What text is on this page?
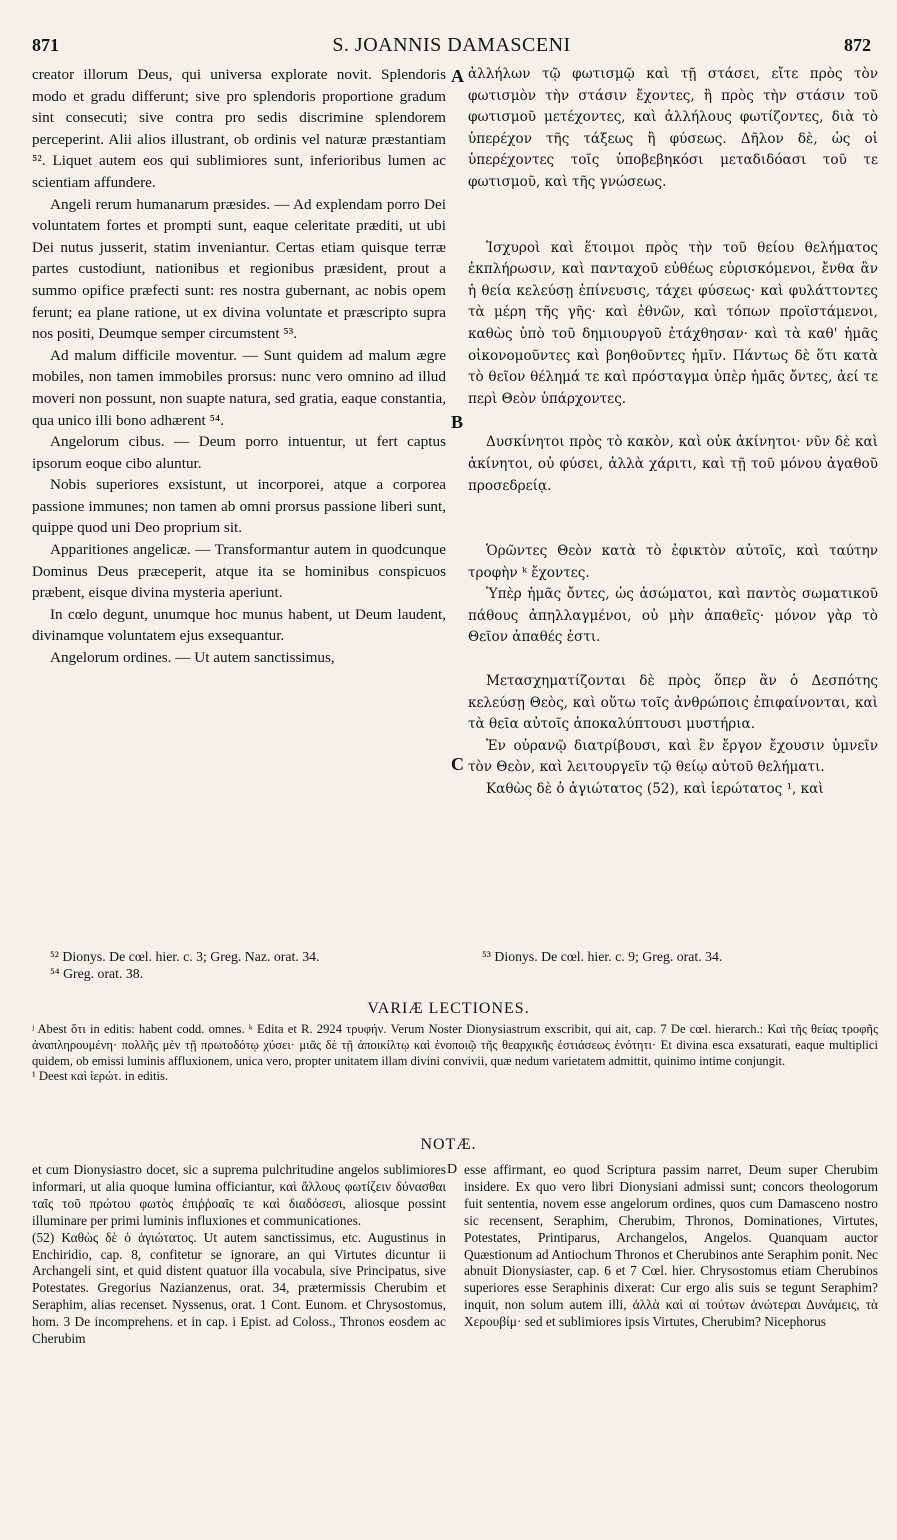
871	S. JOANNIS DAMASCENI	872

creator illorum Deus, qui universa explorate novit. Splendoris modo et gradu differunt; sive pro splendoris proportione gradum sint consecuti; sive contra pro sedis discrimine splendorem perceperint. Alii alios illustrant, ob ordinis vel naturæ præstantiam ⁵². Liquet autem eos qui sublimiores sunt, inferioribus lumen ac scientiam affundere.

Angeli rerum humanarum præsides. — Ad explendam porro Dei voluntatem fortes et prompti sunt, eaque celeritate præditi, ut ubi Dei nutus jusserit, statim inveniantur. Certas etiam quisque terræ partes custodiunt, nationibus et regionibus præsident, prout a summo opifice præfecti sunt: res nostra gubernant, ac nobis opem ferunt; ea plane ratione, ut ex divina voluntate et præscripto supra nos positi, Deumque semper circumstent ⁵³.

Ad malum difficile moventur. — Sunt quidem ad malum ægre mobiles, non tamen immobiles prorsus: nunc vero omnino ad illud moveri non possunt, non suapte natura, sed gratia, eaque constantia, qua unico illi bono adhærent ⁵⁴.

Angelorum cibus. — Deum porro intuentur, ut fert captus ipsorum eoque cibo aluntur.

Nobis superiores exsistunt, ut incorporei, atque a corporea passione immunes; non tamen ab omni prorsus passione liberi sunt, quippe quod uni Deo proprium sit.

Apparitiones angelicæ. — Transformantur autem in quodcunque Dominus Deus præceperit, atque ita se hominibus conspicuos præbent, eisque divina mysteria aperiunt.

In cœlo degunt, unumque hoc munus habent, ut Deum laudent, divinamque voluntatem ejus exsequantur.

Angelorum ordines. — Ut autem sanctissimus,

A
B
C

ἀλλήλων τῷ φωτισμῷ καὶ τῇ στάσει, εἴτε πρὸς τὸν φωτισμὸν τὴν στάσιν ἔχοντες, ἢ πρὸς τὴν στάσιν τοῦ φωτισμοῦ μετέχοντες, καὶ ἀλλήλους φωτίζοντες, διὰ τὸ ὑπερέχον τῆς τάξεως ἢ φύσεως. Δῆλον δὲ, ὡς οἱ ὑπερέχοντες τοῖς ὑποβεβηκόσι μεταδιδόασι τοῦ τε φωτισμοῦ, καὶ τῆς γνώσεως.

Ἰσχυροὶ καὶ ἕτοιμοι πρὸς τὴν τοῦ θείου θελήματος ἐκπλήρωσιν, καὶ πανταχοῦ εὐθέως εὑρισκόμενοι, ἔνθα ἂν ἡ θεία κελεύσῃ ἐπίνευσις, τάχει φύσεως· καὶ φυλάττοντες τὰ μέρη τῆς γῆς· καὶ ἐθνῶν, καὶ τόπων προϊστάμενοι, καθὼς ὑπὸ τοῦ δημιουργοῦ ἐτάχθησαν· καὶ τὰ καθ' ἡμᾶς οἰκονομοῦντες καὶ βοηθοῦντες ἡμῖν. Πάντως δὲ ὅτι κατὰ τὸ θεῖον θέλημά τε καὶ πρόσταγμα ὑπὲρ ἡμᾶς ὄντες, ἀεί τε περὶ Θεὸν ὑπάρχοντες.

Δυσκίνητοι πρὸς τὸ κακὸν, καὶ οὐκ ἀκίνητοι· νῦν δὲ καὶ ἀκίνητοι, οὐ φύσει, ἀλλὰ χάριτι, καὶ τῇ τοῦ μόνου ἀγαθοῦ προσεδρείᾳ.

Ὁρῶντες Θεὸν κατὰ τὸ ἐφικτὸν αὐτοῖς, καὶ ταύτην τροφὴν ᵏ ἔχοντες.

Ὑπὲρ ἡμᾶς ὄντες, ὡς ἀσώματοι, καὶ παντὸς σωματικοῦ πάθους ἀπηλλαγμένοι, οὐ μὴν ἀπαθεῖς· μόνον γὰρ τὸ Θεῖον ἀπαθές ἐστι.

Μετασχηματίζονται δὲ πρὸς ὅπερ ἂν ὁ Δεσπότης κελεύσῃ Θεὸς, καὶ οὕτω τοῖς ἀνθρώποις ἐπιφαίνονται, καὶ τὰ θεῖα αὐτοῖς ἀποκαλύπτουσι μυστήρια.

Ἐν οὐρανῷ διατρίβουσι, καὶ ἓν ἔργον ἔχουσιν ὑμνεῖν τὸν Θεὸν, καὶ λειτουργεῖν τῷ θείῳ αὐτοῦ θελήματι.

Καθὼς δὲ ὁ ἁγιώτατος (52), καὶ ἱερώτατος ¹, καὶ

⁵² Dionys. De cœl. hier. c. 3; Greg. Naz. orat. 34.
⁵⁴ Greg. orat. 38.
⁵³ Dionys. De cœl. hier. c. 9; Greg. orat. 34.
VARIÆ LECTIONES.

ʲ Abest ὅτι in editis: habent codd. omnes. ᵏ Edita et R. 2924 τρυφήν. Verum Noster Dionysiastrum exscribit, qui ait, cap. 7 De cœl. hierarch.: Καὶ τῆς θείας τροφῆς ἀναπληρουμένη· πολλῆς μὲν τῇ πρωτοδότῳ χύσει· μιᾶς δὲ τῇ ἀποικίλτῳ καὶ ἑνοποιῷ τῆς θεαρχικῆς ἑστιάσεως ἑνότητι· Et divina esca exsaturati, eaque multiplici quidem, ob emissi luminis affluxionem, unica vero, propter unitatem illam divini convivii, quæ nedum varietatem admittit, quinimo intime conjungit.

¹ Deest καὶ ἱερώτ. in editis.

NOTÆ.

et cum Dionysiastro docet, sic a suprema pulchritudine angelos sublimiores informari, ut alia quoque lumina officiantur, καὶ ἄλλους φωτίζειν δύνασθαι ταῖς τοῦ πρώτου φωτὸς ἐπιῤῥοαῖς τε καὶ διαδόσεσι, aliosque possint illuminare per primi luminis influxiones et communicationes.

(52) Καθὼς δὲ ὁ ἁγιώτατος. Ut autem sanctissimus, etc. Augustinus in Enchiridio, cap. 8, confitetur se ignorare, an qui Virtutes dicuntur ii Archangeli sint, et quid distent quatuor illa vocabula, sive Principatus, sive Potestates. Gregorius Nazianzenus, orat. 34, prætermissis Cherubim et Seraphim, alias recenset. Nyssenus, orat. 1 Cont. Eunom. et Chrysostomus, hom. 3 De incomprehens. et in cap. i Epist. ad Coloss., Thronos eosdem ac Cherubim

D esse affirmant, eo quod Scriptura passim narret, Deum super Cherubim insidere. Ex quo vero libri Dionysiani admissi sunt; concors theologorum fuit sententia, novem esse angelorum ordines, quos cum Damasceno nostro sic recensent, Seraphim, Cherubim, Thronos, Dominationes, Virtutes, Potestates, Printiparus, Archangelos, Angelos. Quanquam auctor Quæstionum ad Antiochum Thronos et Cherubinos ante Seraphim ponit. Nec abnuit Dionysiaster, cap. 6 et 7 Cœl. hier. Chrysostomus etiam Cherubinos superiores esse Seraphinis dixerat: Cur ergo alis suis se tegunt Seraphim? inquit, non solum autem illi, ἀλλὰ καὶ αἱ τούτων ἀνώτεραι Δυνάμεις, τὰ Χερουβίμ· sed et sublimiores ipsis Virtutes, Cherubim? Nicephorus
